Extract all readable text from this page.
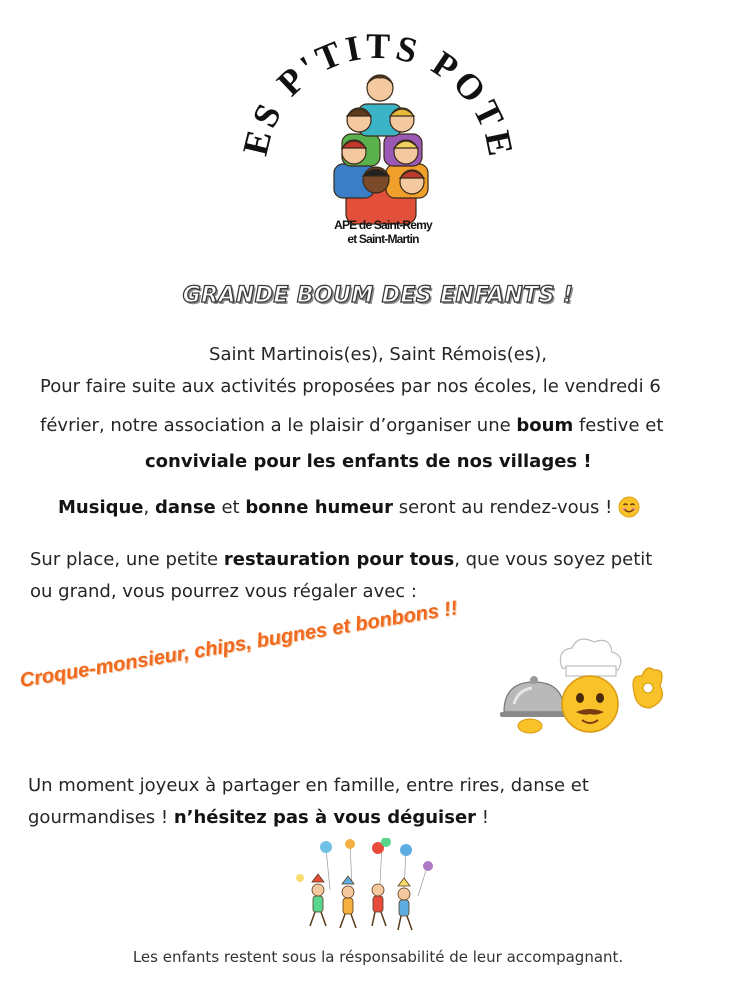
LES P'TITS POTES
APE de Saint-Remy
et Saint-Martin
GRANDE BOUM DES ENFANTS !
Saint Martinois(es), Saint Rémois(es),
Pour faire suite aux activités proposées par nos écoles, le vendredi 6
février, notre association a le plaisir d’organiser une boum festive et
conviviale pour les enfants de nos villages !
Musique, danse et bonne humeur seront au rendez-vous !
Sur place, une petite restauration pour tous, que vous soyez petit
ou grand, vous pourrez vous régaler avec :
Croque-monsieur, chips, bugnes et bonbons !!
Un moment joyeux à partager en famille, entre rires, danse et
gourmandises ! n’hésitez pas à vous déguiser !
Les enfants restent sous la résponsabilité de leur accompagnant.
